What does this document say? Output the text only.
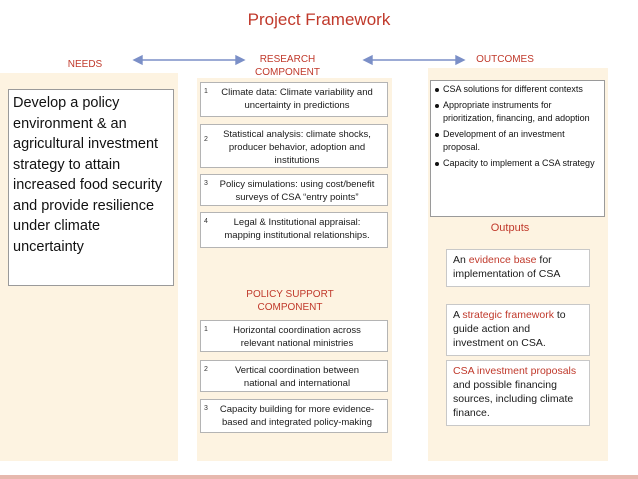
Project Framework
NEEDS	RESEARCH
COMPONENT
OUTCOMES
Develop a policy environment & an agricultural investment strategy to attain increased food security and provide resilience under climate uncertainty
1	Climate data: Climate variability and
uncertainty in predictions
2	Statistical analysis: climate shocks,
producer behavior, adoption and
institutions
3	Policy simulations: using cost/benefit
surveys of CSA “entry points”
4	Legal & Institutional appraisal:
mapping institutional relationships.
POLICY SUPPORT
COMPONENT
1	Horizontal coordination across
relevant national ministries
2	Vertical coordination between
national and international
3	Capacity building for more evidence-
based and integrated policy-making
CSA solutions for different contexts
Appropriate instruments for prioritization, financing, and adoption
Development of an investment proposal.
Capacity to implement a CSA strategy
Outputs
An evidence base for implementation of CSA
A strategic framework to guide action and investment on CSA.
CSA investment proposals and possible financing sources, including climate finance.
